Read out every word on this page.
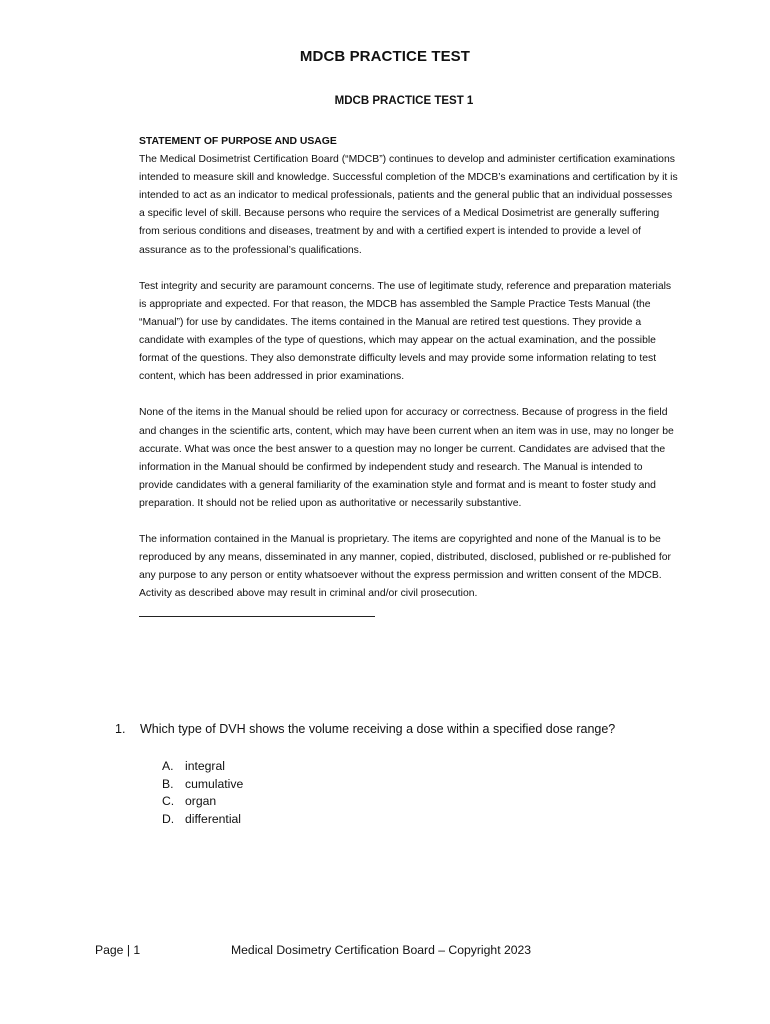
MDCB PRACTICE TEST
MDCB PRACTICE TEST 1
STATEMENT OF PURPOSE AND USAGE

The Medical Dosimetrist Certification Board (“MDCB”) continues to develop and administer certification examinations intended to measure skill and knowledge. Successful completion of the MDCB’s examinations and certification by it is intended to act as an indicator to medical professionals, patients and the general public that an individual possesses a specific level of skill. Because persons who require the services of a Medical Dosimetrist are generally suffering from serious conditions and diseases, treatment by and with a certified expert is intended to provide a level of assurance as to the professional’s qualifications.

Test integrity and security are paramount concerns. The use of legitimate study, reference and preparation materials is appropriate and expected. For that reason, the MDCB has assembled the Sample Practice Tests Manual (the “Manual”) for use by candidates. The items contained in the Manual are retired test questions. They provide a candidate with examples of the type of questions, which may appear on the actual examination, and the possible format of the questions. They also demonstrate difficulty levels and may provide some information relating to test content, which has been addressed in prior examinations.

None of the items in the Manual should be relied upon for accuracy or correctness. Because of progress in the field and changes in the scientific arts, content, which may have been current when an item was in use, may no longer be accurate. What was once the best answer to a question may no longer be current. Candidates are advised that the information in the Manual should be confirmed by independent study and research. The Manual is intended to provide candidates with a general familiarity of the examination style and format and is meant to foster study and preparation. It should not be relied upon as authoritative or necessarily substantive.

The information contained in the Manual is proprietary. The items are copyrighted and none of the Manual is to be reproduced by any means, disseminated in any manner, copied, distributed, disclosed, published or re-published for any purpose to any person or entity whatsoever without the express permission and written consent of the MDCB. Activity as described above may result in criminal and/or civil prosecution.

1. Which type of DVH shows the volume receiving a dose within a specified dose range?
A. integral
B. cumulative
C. organ
D. differential
Page | 1	Medical Dosimetry Certification Board – Copyright 2023
